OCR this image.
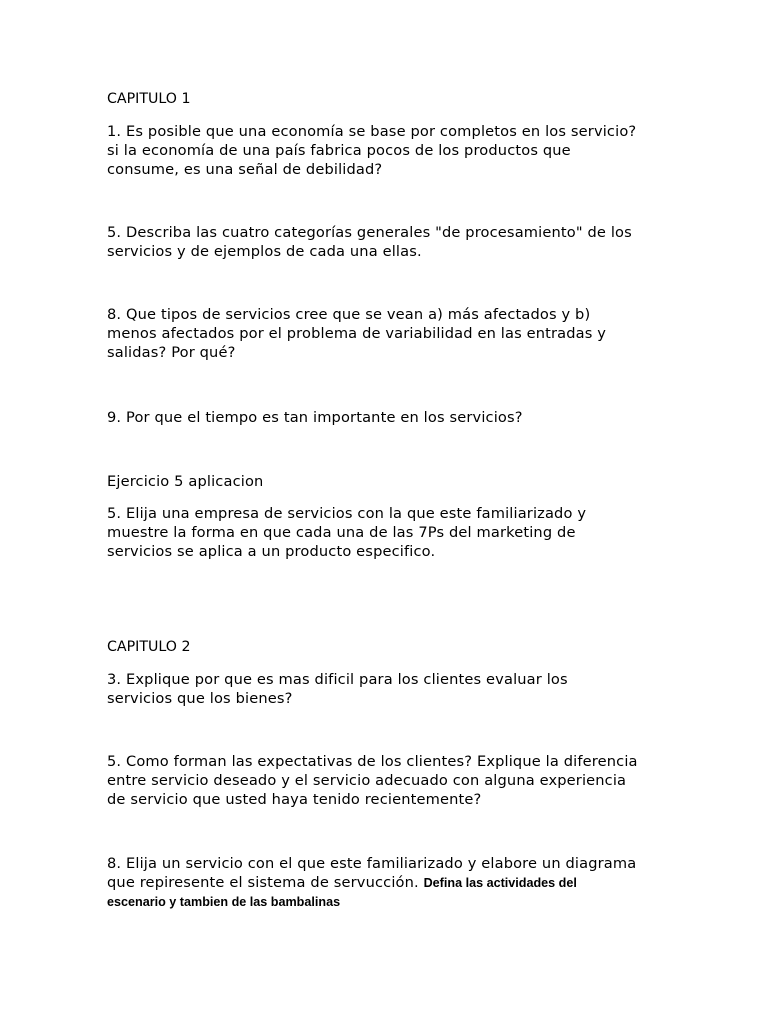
CAPITULO 1
1. Es posible que una economía se base por completos en los servicio?
si la economía de una país fabrica pocos de los productos que
consume, es una señal de debilidad?
5. Describa las cuatro categorías generales "de procesamiento" de los
servicios y de ejemplos de cada una ellas.
8. Que tipos de servicios cree que se vean a) más afectados y b)
menos afectados por el problema de variabilidad en las entradas y
salidas? Por qué?
9. Por que el tiempo es tan importante en los servicios?
Ejercicio 5 aplicacion
5. Elija una empresa de servicios con la que este familiarizado y
muestre la forma en que cada una de las 7Ps del marketing de
servicios se aplica a un producto especifico.
CAPITULO 2
3. Explique por que es mas dificil para los clientes evaluar los
servicios que los bienes?
5. Como forman las expectativas de los clientes? Explique la diferencia
entre servicio deseado y el servicio adecuado con alguna experiencia
de servicio que usted haya tenido recientemente?
8. Elija un servicio con el que este familiarizado y elabore un diagrama
que repiresente el sistema de servucción. Defina las actividades del
escenario y tambien de las bambalinas
